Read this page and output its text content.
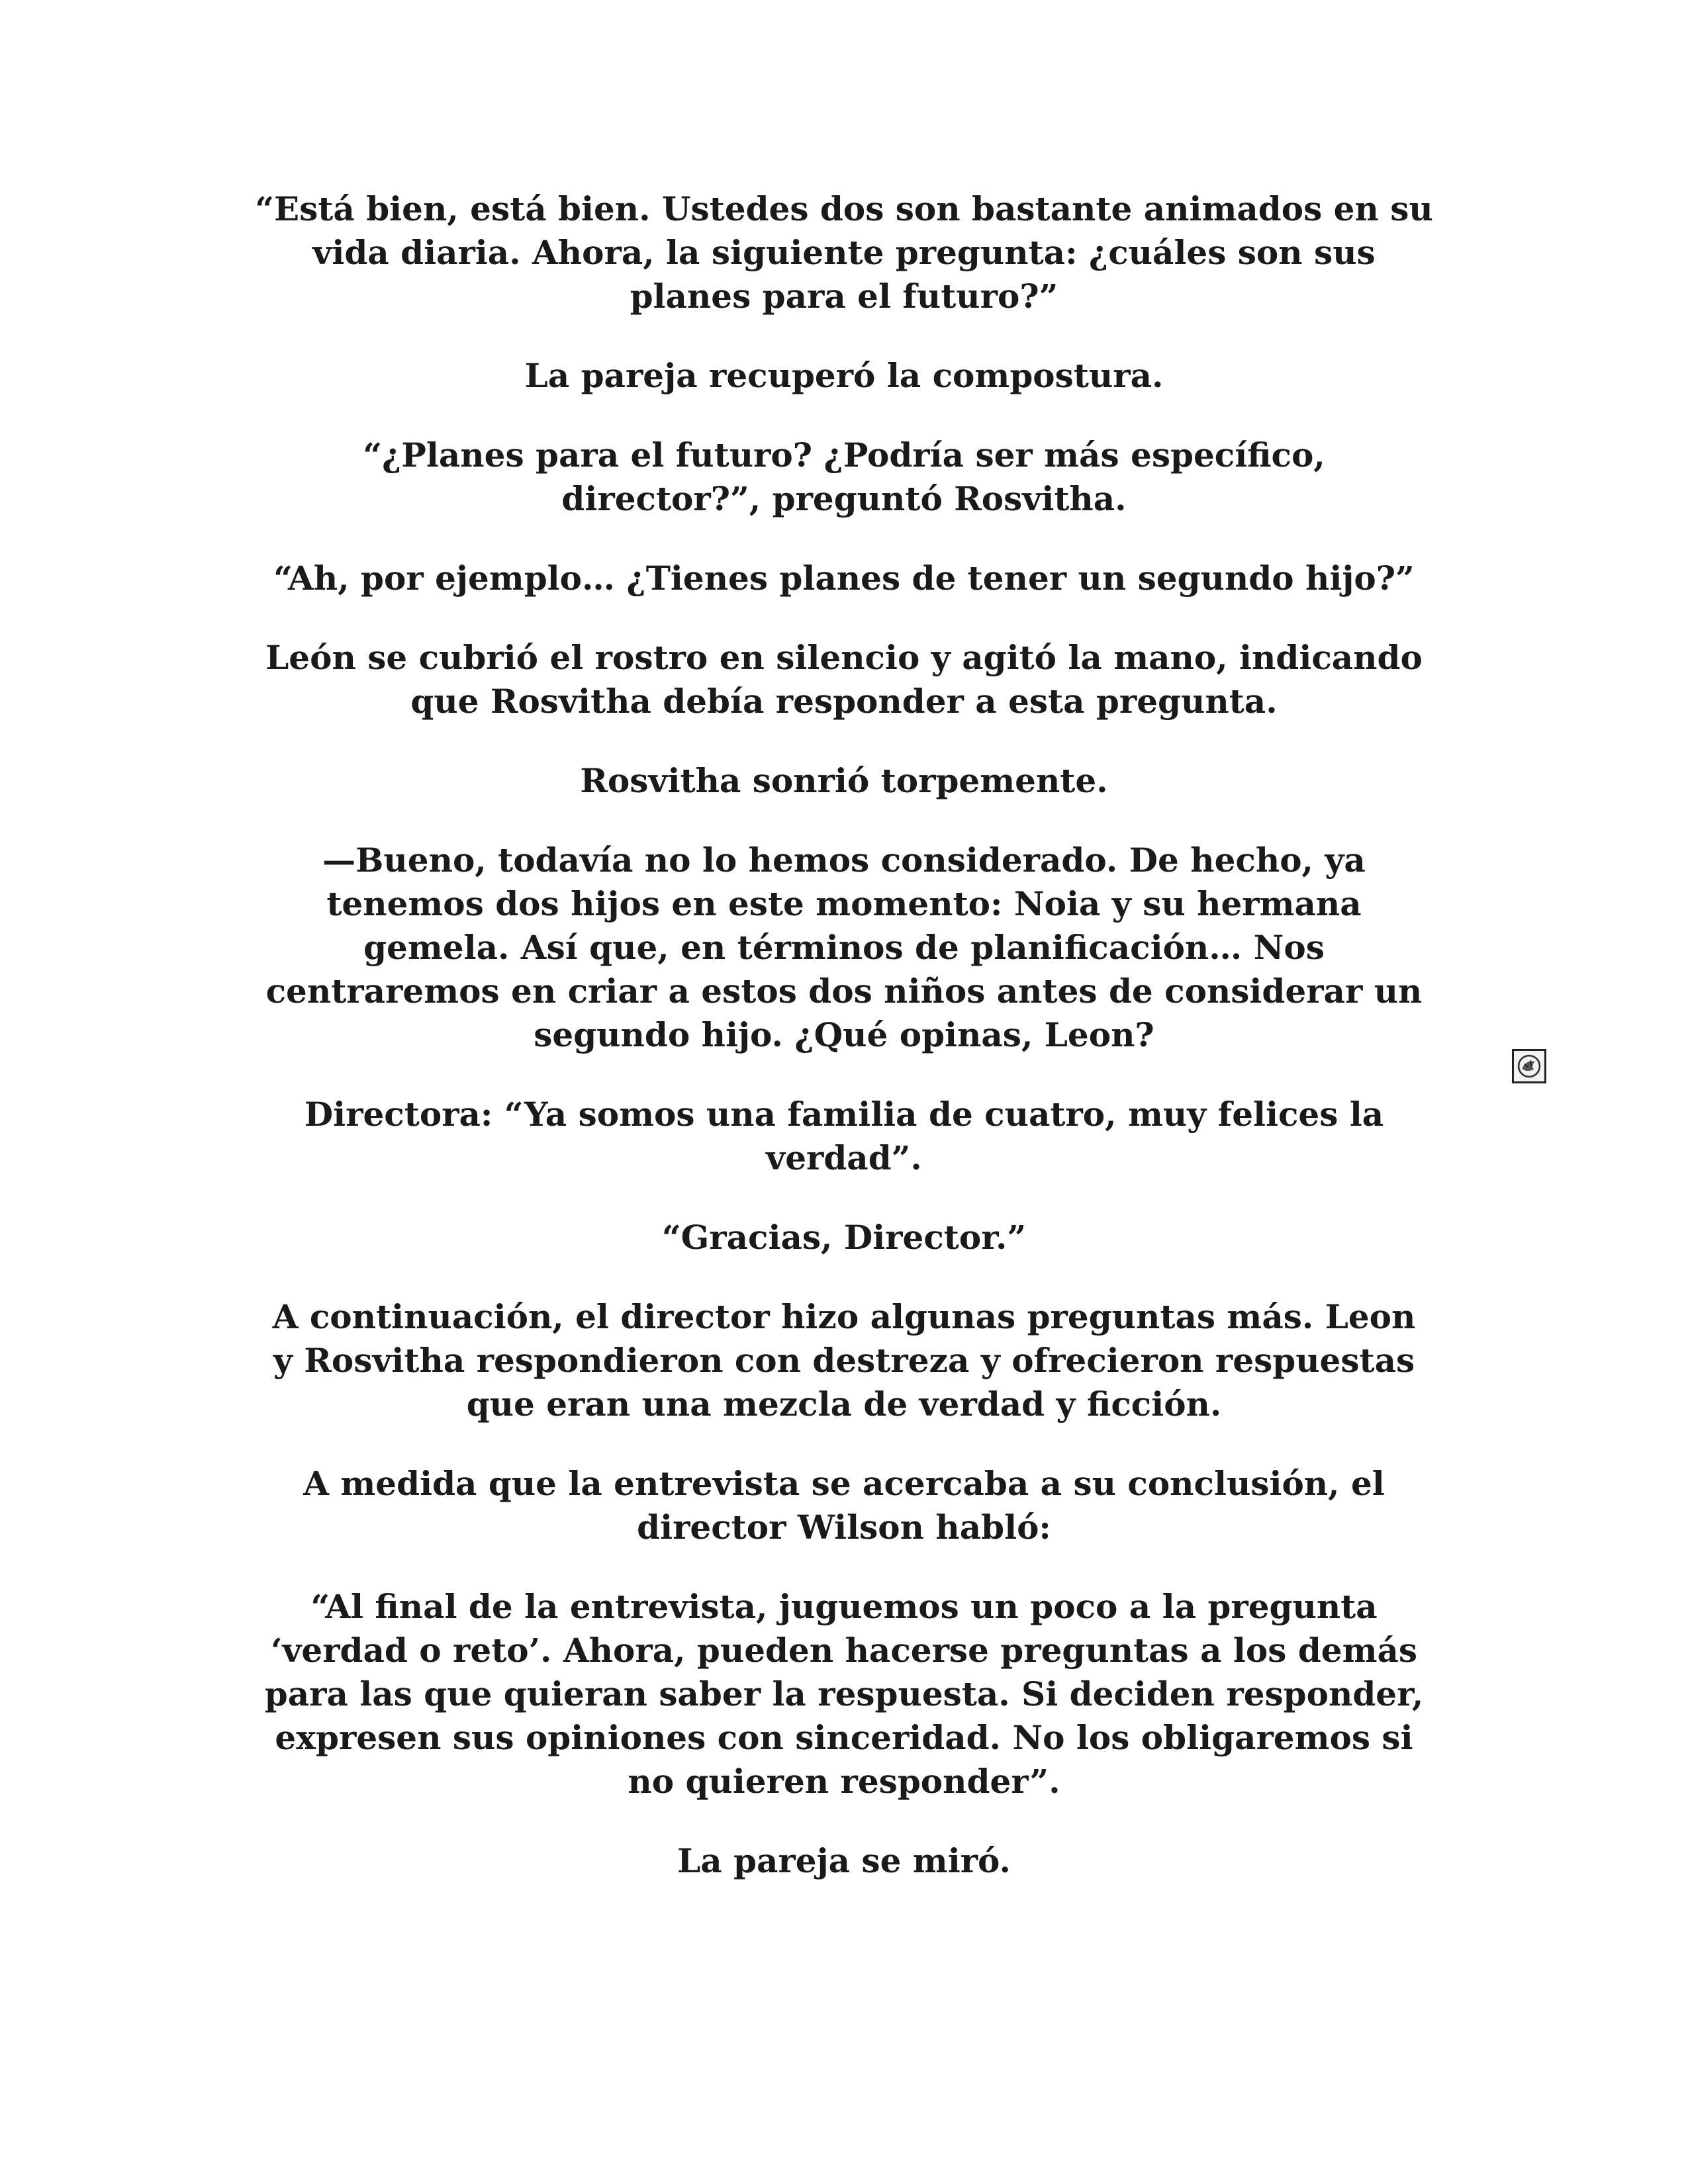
“Está bien, está bien. Ustedes dos son bastante animados en su
vida diaria. Ahora, la siguiente pregunta: ¿cuáles son sus
planes para el futuro?”

La pareja recuperó la compostura.

“¿Planes para el futuro? ¿Podría ser más específico,
director?”, preguntó Rosvitha.

“Ah, por ejemplo… ¿Tienes planes de tener un segundo hijo?”

León se cubrió el rostro en silencio y agitó la mano, indicando
que Rosvitha debía responder a esta pregunta.

Rosvitha sonrió torpemente.

—Bueno, todavía no lo hemos considerado. De hecho, ya
tenemos dos hijos en este momento: Noia y su hermana
gemela. Así que, en términos de planificación… Nos
centraremos en criar a estos dos niños antes de considerar un
segundo hijo. ¿Qué opinas, Leon?

Directora: “Ya somos una familia de cuatro, muy felices la
verdad”.

“Gracias, Director.”

A continuación, el director hizo algunas preguntas más. Leon
y Rosvitha respondieron con destreza y ofrecieron respuestas
que eran una mezcla de verdad y ficción.

A medida que la entrevista se acercaba a su conclusión, el
director Wilson habló:

“Al final de la entrevista, juguemos un poco a la pregunta
‘verdad o reto’. Ahora, pueden hacerse preguntas a los demás
para las que quieran saber la respuesta. Si deciden responder,
expresen sus opiniones con sinceridad. No los obligaremos si
no quieren responder”.

La pareja se miró.
